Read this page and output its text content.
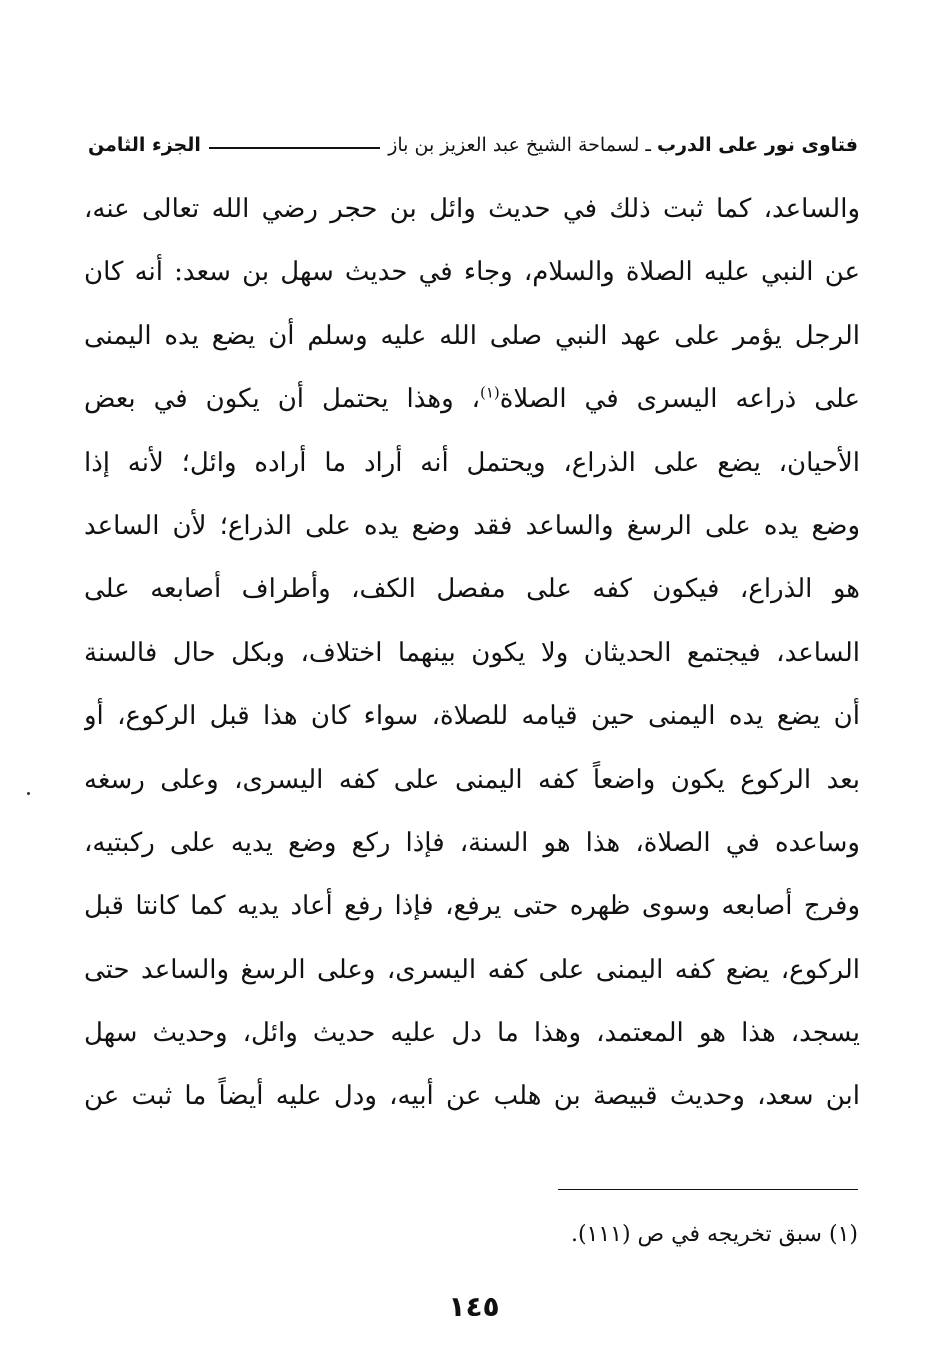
فتاوى نور على الدرب
ـ
لسماحة الشيخ عبد العزيز بن باز
الجزء الثامن
والساعد، كما ثبت ذلك في حديث وائل بن حجر رضي الله تعالى عنه،
عن النبي عليه الصلاة والسلام، وجاء في حديث سهل بن سعد: أنه كان
الرجل يؤمر على عهد النبي صلى الله عليه وسلم أن يضع يده اليمنى
على ذراعه اليسرى في الصلاة$^{(١)}$، وهذا يحتمل أن يكون في بعض
الأحيان، يضع على الذراع، ويحتمل أنه أراد ما أراده وائل؛ لأنه إذا
وضع يده على الرسغ والساعد فقد وضع يده على الذراع؛ لأن الساعد
هو الذراع، فيكون كفه على مفصل الكف، وأطراف أصابعه على
الساعد، فيجتمع الحديثان ولا يكون بينهما اختلاف، وبكل حال فالسنة
أن يضع يده اليمنى حين قيامه للصلاة، سواء كان هذا قبل الركوع، أو
بعد الركوع يكون واضعاً كفه اليمنى على كفه اليسرى، وعلى رسغه
وساعده في الصلاة، هذا هو السنة، فإذا ركع وضع يديه على ركبتيه،
وفرج أصابعه وسوى ظهره حتى يرفع، فإذا رفع أعاد يديه كما كانتا قبل
الركوع، يضع كفه اليمنى على كفه اليسرى، وعلى الرسغ والساعد حتى
يسجد، هذا هو المعتمد، وهذا ما دل عليه حديث وائل، وحديث سهل
ابن سعد، وحديث قبيصة بن هلب عن أبيه، ودل عليه أيضاً ما ثبت عن
(١) سبق تخريجه في ص (١١١).
١٤٥
